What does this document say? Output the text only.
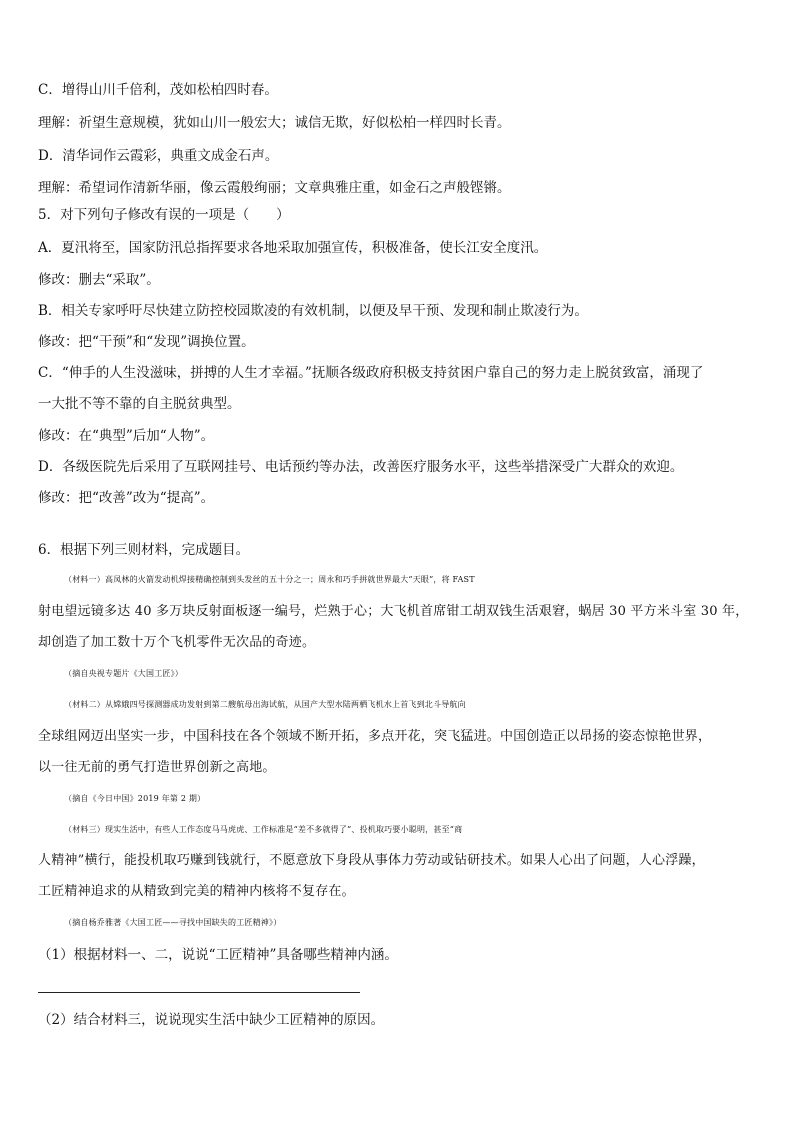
C．增得山川千倍利，茂如松柏四时春。
理解：祈望生意规模，犹如山川一般宏大；诚信无欺，好似松柏一样四时长青。
D．清华词作云霞彩，典重文成金石声。
理解：希望词作清新华丽，像云霞般绚丽；文章典雅庄重，如金石之声般铿锵。
5．对下列句子修改有误的一项是（　　）
A．夏汛将至，国家防汛总指挥要求各地采取加强宣传，积极准备，使长江安全度汛。
修改：删去“采取”。
B．相关专家呼吁尽快建立防控校园欺凌的有效机制，以便及早干预、发现和制止欺凌行为。
修改：把“干预”和“发现”调换位置。
C．“伸手的人生没滋味，拼搏的人生才幸福。”抚顺各级政府积极支持贫困户靠自己的努力走上脱贫致富，涌现了
一大批不等不靠的自主脱贫典型。
修改：在“典型”后加“人物”。
D．各级医院先后采用了互联网挂号、电话预约等办法，改善医疗服务水平，这些举措深受广大群众的欢迎。
修改：把“改善”改为“提高”。
6．根据下列三则材料，完成题目。
（材料一）高凤林的火箭发动机焊接精确控制到头发丝的五十分之一；周永和巧手拼就世界最大“天眼”，将 FAST
射电望远镜多达 40 多万块反射面板逐一编号，烂熟于心；大飞机首席钳工胡双钱生活艰窘，蜗居 30 平方米斗室 30 年，
却创造了加工数十万个飞机零件无次品的奇迹。
（摘自央视专题片《大国工匠》）
（材料二）从嫦娥四号探测器成功发射到第二艘航母出海试航，从国产大型水陆两栖飞机水上首飞到北斗导航向
全球组网迈出坚实一步，中国科技在各个领域不断开拓，多点开花，突飞猛进。中国创造正以昂扬的姿态惊艳世界，
以一往无前的勇气打造世界创新之高地。
（摘自《今日中国》2019 年第 2 期）
（材料三）现实生活中，有些人工作态度马马虎虎、工作标准是“差不多就得了”、投机取巧要小聪明，甚至“商
人精神”横行，能投机取巧赚到钱就行，不愿意放下身段从事体力劳动或钻研技术。如果人心出了问题，人心浮躁，
工匠精神追求的从精致到完美的精神内核将不复存在。
（摘自杨乔雅著《大国工匠——寻找中国缺失的工匠精神》）
（1）根据材料一、二，说说“工匠精神”具备哪些精神内涵。
（2）结合材料三，说说现实生活中缺少工匠精神的原因。
